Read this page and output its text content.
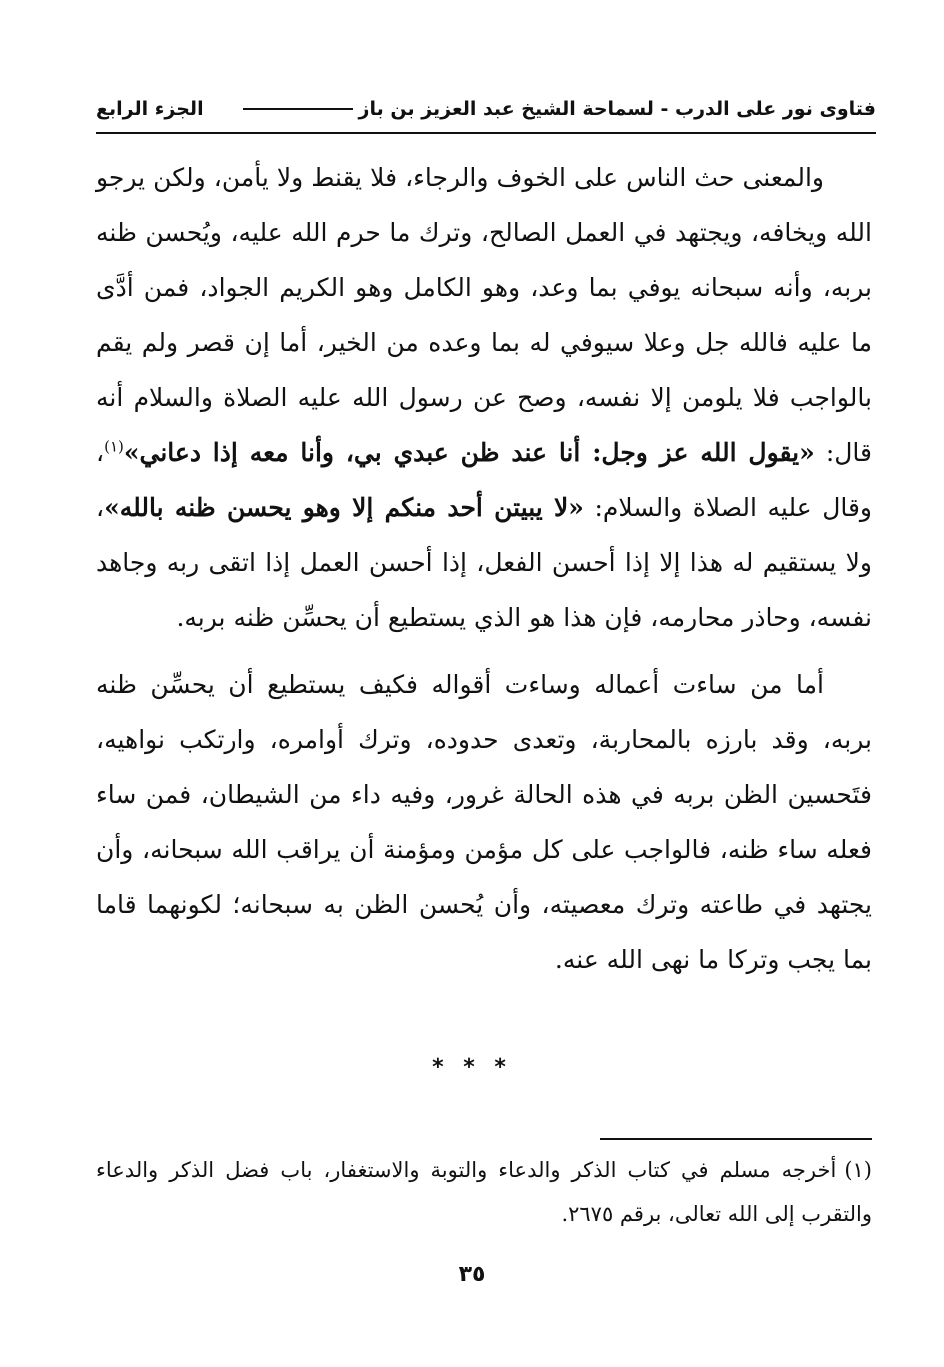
فتاوى نور على الدرب - لسماحة الشيخ عبد العزيز بن باز
الجزء الرابع

والمعنى حث الناس على الخوف والرجاء، فلا يقنط ولا يأمن، ولكن يرجو الله ويخافه، ويجتهد في العمل الصالح، وترك ما حرم الله عليه، ويُحسن ظنه بربه، وأنه سبحانه يوفي بما وعد، وهو الكامل وهو الكريم الجواد، فمن أدَّى ما عليه فالله جل وعلا سيوفي له بما وعده من الخير، أما إن قصر ولم يقم بالواجب فلا يلومن إلا نفسه، وصح عن رسول الله عليه الصلاة والسلام أنه قال: «يقول الله عز وجل: أنا عند ظن عبدي بي، وأنا معه إذا دعاني»$^{(١)}$، وقال عليه الصلاة والسلام: «لا يبيتن أحد منكم إلا وهو يحسن ظنه بالله»، ولا يستقيم له هذا إلا إذا أحسن الفعل، إذا أحسن العمل إذا اتقى ربه وجاهد نفسه، وحاذر محارمه، فإن هذا هو الذي يستطيع أن يحسِّن ظنه بربه.

أما من ساءت أعماله وساءت أقواله فكيف يستطيع أن يحسِّن ظنه بربه، وقد بارزه بالمحاربة، وتعدى حدوده، وترك أوامره، وارتكب نواهيه، فتَحسين الظن بربه في هذه الحالة غرور، وفيه داء من الشيطان، فمن ساء فعله ساء ظنه، فالواجب على كل مؤمن ومؤمنة أن يراقب الله سبحانه، وأن يجتهد في طاعته وترك معصيته، وأن يُحسن الظن به سبحانه؛ لكونهما قاما بما يجب وتركا ما نهى الله عنه.

* * *
(١)أخرجه مسلم في كتاب الذكر والدعاء والتوبة والاستغفار، باب فضل الذكر والدعاء والتقرب إلى الله تعالى، برقم ٢٦٧٥.
٣٥
